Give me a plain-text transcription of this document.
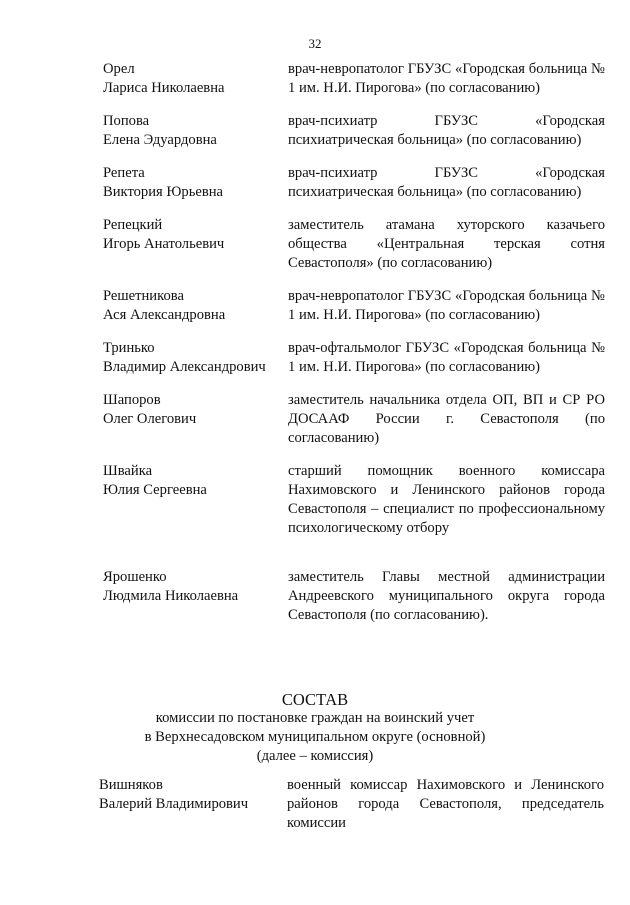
32
Орел
Лариса Николаевна
врач-невропатолог ГБУЗС «Городская больница № 1 им. Н.И. Пирогова» (по согласованию)
Попова
Елена Эдуардовна
врач-психиатр ГБУЗС «Городская психиатрическая больница» (по согласованию)
Репета
Виктория Юрьевна
врач-психиатр ГБУЗС «Городская психиатрическая больница» (по согласованию)
Репецкий
Игорь Анатольевич
заместитель атамана хуторского казачьего общества «Центральная терская сотня Севастополя» (по согласованию)
Решетникова
Ася Александровна
врач-невропатолог ГБУЗС «Городская больница № 1 им. Н.И. Пирогова» (по согласованию)
Тринько
Владимир Александрович
врач-офтальмолог ГБУЗС «Городская больница № 1 им. Н.И. Пирогова» (по согласованию)
Шапоров
Олег Олегович
заместитель начальника отдела ОП, ВП и СР РО ДОСААФ России г. Севастополя (по согласованию)
Швайка
Юлия Сергеевна
старший помощник военного комиссара Нахимовского и Ленинского районов города Севастополя – специалист по профессиональному психологическому отбору
Ярошенко
Людмила Николаевна
заместитель Главы местной администрации Андреевского муниципального округа города Севастополя (по согласованию).
СОСТАВ
комиссии по постановке граждан на воинский учет
в Верхнесадовском муниципальном округе (основной)
(далее – комиссия)
Вишняков
Валерий Владимирович
военный комиссар Нахимовского и Ленинского районов города Севастополя, председатель комиссии
